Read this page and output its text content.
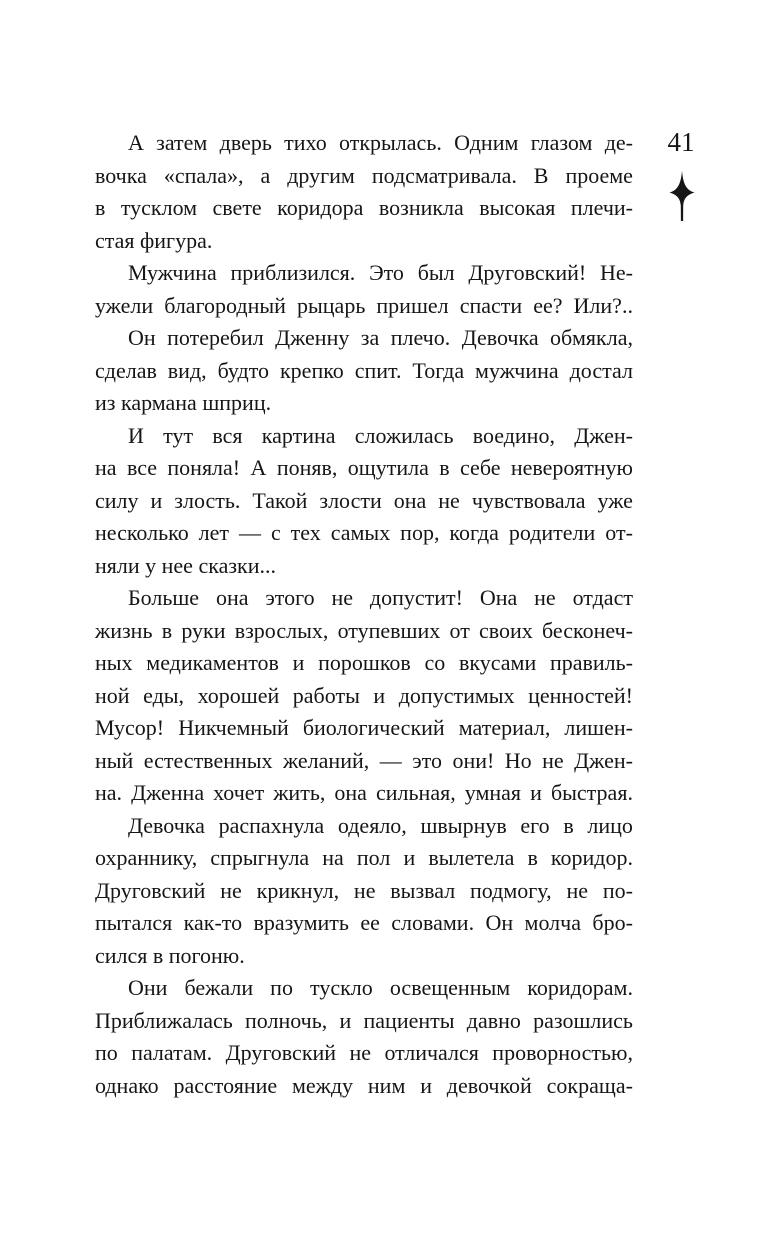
41
А затем дверь тихо открылась. Одним глазом де-
вочка «спала», а другим подсматривала. В проеме
в тусклом свете коридора возникла высокая плечи-
стая фигура.
Мужчина приблизился. Это был Друговский! Не-
ужели благородный рыцарь пришел спасти ее? Или?..
Он потеребил Дженну за плечо. Девочка обмякла,
сделав вид, будто крепко спит. Тогда мужчина достал
из кармана шприц.
И тут вся картина сложилась воедино, Джен-
на все поняла! А поняв, ощутила в себе невероятную
силу и злость. Такой злости она не чувствовала уже
несколько лет — с тех самых пор, когда родители от-
няли у нее сказки...
Больше она этого не допустит! Она не отдаст
жизнь в руки взрослых, отупевших от своих бесконеч-
ных медикаментов и порошков со вкусами правиль-
ной еды, хорошей работы и допустимых ценностей!
Мусор! Никчемный биологический материал, лишен-
ный естественных желаний, — это они! Но не Джен-
на. Дженна хочет жить, она сильная, умная и быстрая.
Девочка распахнула одеяло, швырнув его в лицо
охраннику, спрыгнула на пол и вылетела в коридор.
Друговский не крикнул, не вызвал подмогу, не по-
пытался как-то вразумить ее словами. Он молча бро-
сился в погоню.
Они бежали по тускло освещенным коридорам.
Приближалась полночь, и пациенты давно разошлись
по палатам. Друговский не отличался проворностью,
однако расстояние между ним и девочкой сокраща-
